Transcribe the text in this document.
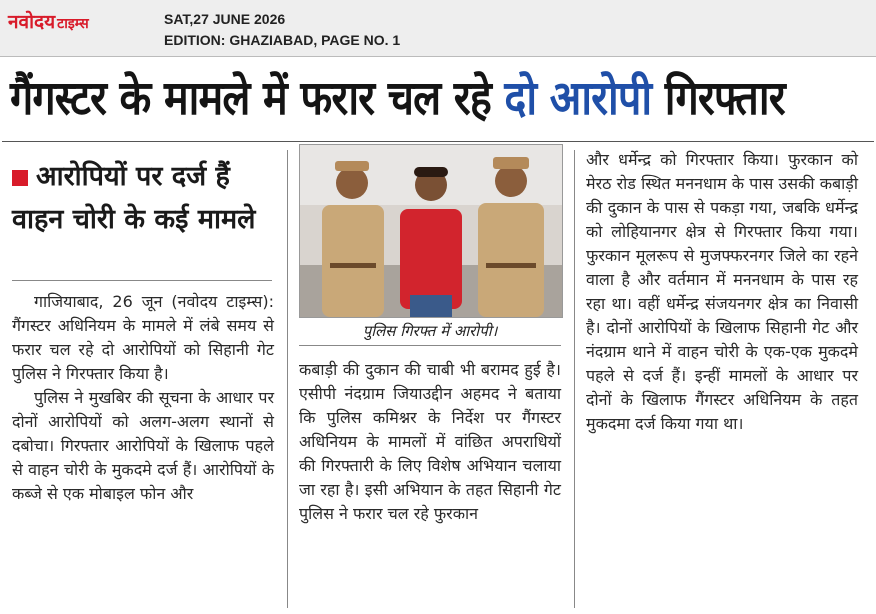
नवोदय टाइम्स	SAT,27 JUNE 2026
EDITION: GHAZIABAD, PAGE NO. 1
गैंगस्टर के मामले में फरार चल रहे दो आरोपी गिरफ्तार
आरोपियों पर दर्ज हैं वाहन चोरी के कई मामले

गाजियाबाद, 26 जून (नवोदय टाइम्स): गैंगस्टर अधिनियम के मामले में लंबे समय से फरार चल रहे दो आरोपियों को सिहानी गेट पुलिस ने गिरफ्तार किया है।

पुलिस ने मुखबिर की सूचना के आधार पर दोनों आरोपियों को अलग-अलग स्थानों से दबोचा। गिरफ्तार आरोपियों के खिलाफ पहले से वाहन चोरी के मुकदमे दर्ज हैं। आरोपियों के कब्जे से एक मोबाइल फोन और

पुलिस गिरफ्त में आरोपी।

कबाड़ी की दुकान की चाबी भी बरामद हुई है। एसीपी नंदग्राम जियाउद्दीन अहमद ने बताया कि पुलिस कमिश्नर के निर्देश पर गैंगस्टर अधिनियम के मामलों में वांछित अपराधियों की गिरफ्तारी के लिए विशेष अभियान चलाया जा रहा है। इसी अभियान के तहत सिहानी गेट पुलिस ने फरार चल रहे फुरकान

और धर्मेन्द्र को गिरफ्तार किया। फुरकान को मेरठ रोड स्थित मननधाम के पास उसकी कबाड़ी की दुकान के पास से पकड़ा गया, जबकि धर्मेन्द्र को लोहियानगर क्षेत्र से गिरफ्तार किया गया। फुरकान मूलरूप से मुजफ्फरनगर जिले का रहने वाला है और वर्तमान में मननधाम के पास रह रहा था। वहीं धर्मेन्द्र संजयनगर क्षेत्र का निवासी है। दोनों आरोपियों के खिलाफ सिहानी गेट और नंदग्राम थाने में वाहन चोरी के एक-एक मुकदमे पहले से दर्ज हैं। इन्हीं मामलों के आधार पर दोनों के खिलाफ गैंगस्टर अधिनियम के तहत मुकदमा दर्ज किया गया था।
